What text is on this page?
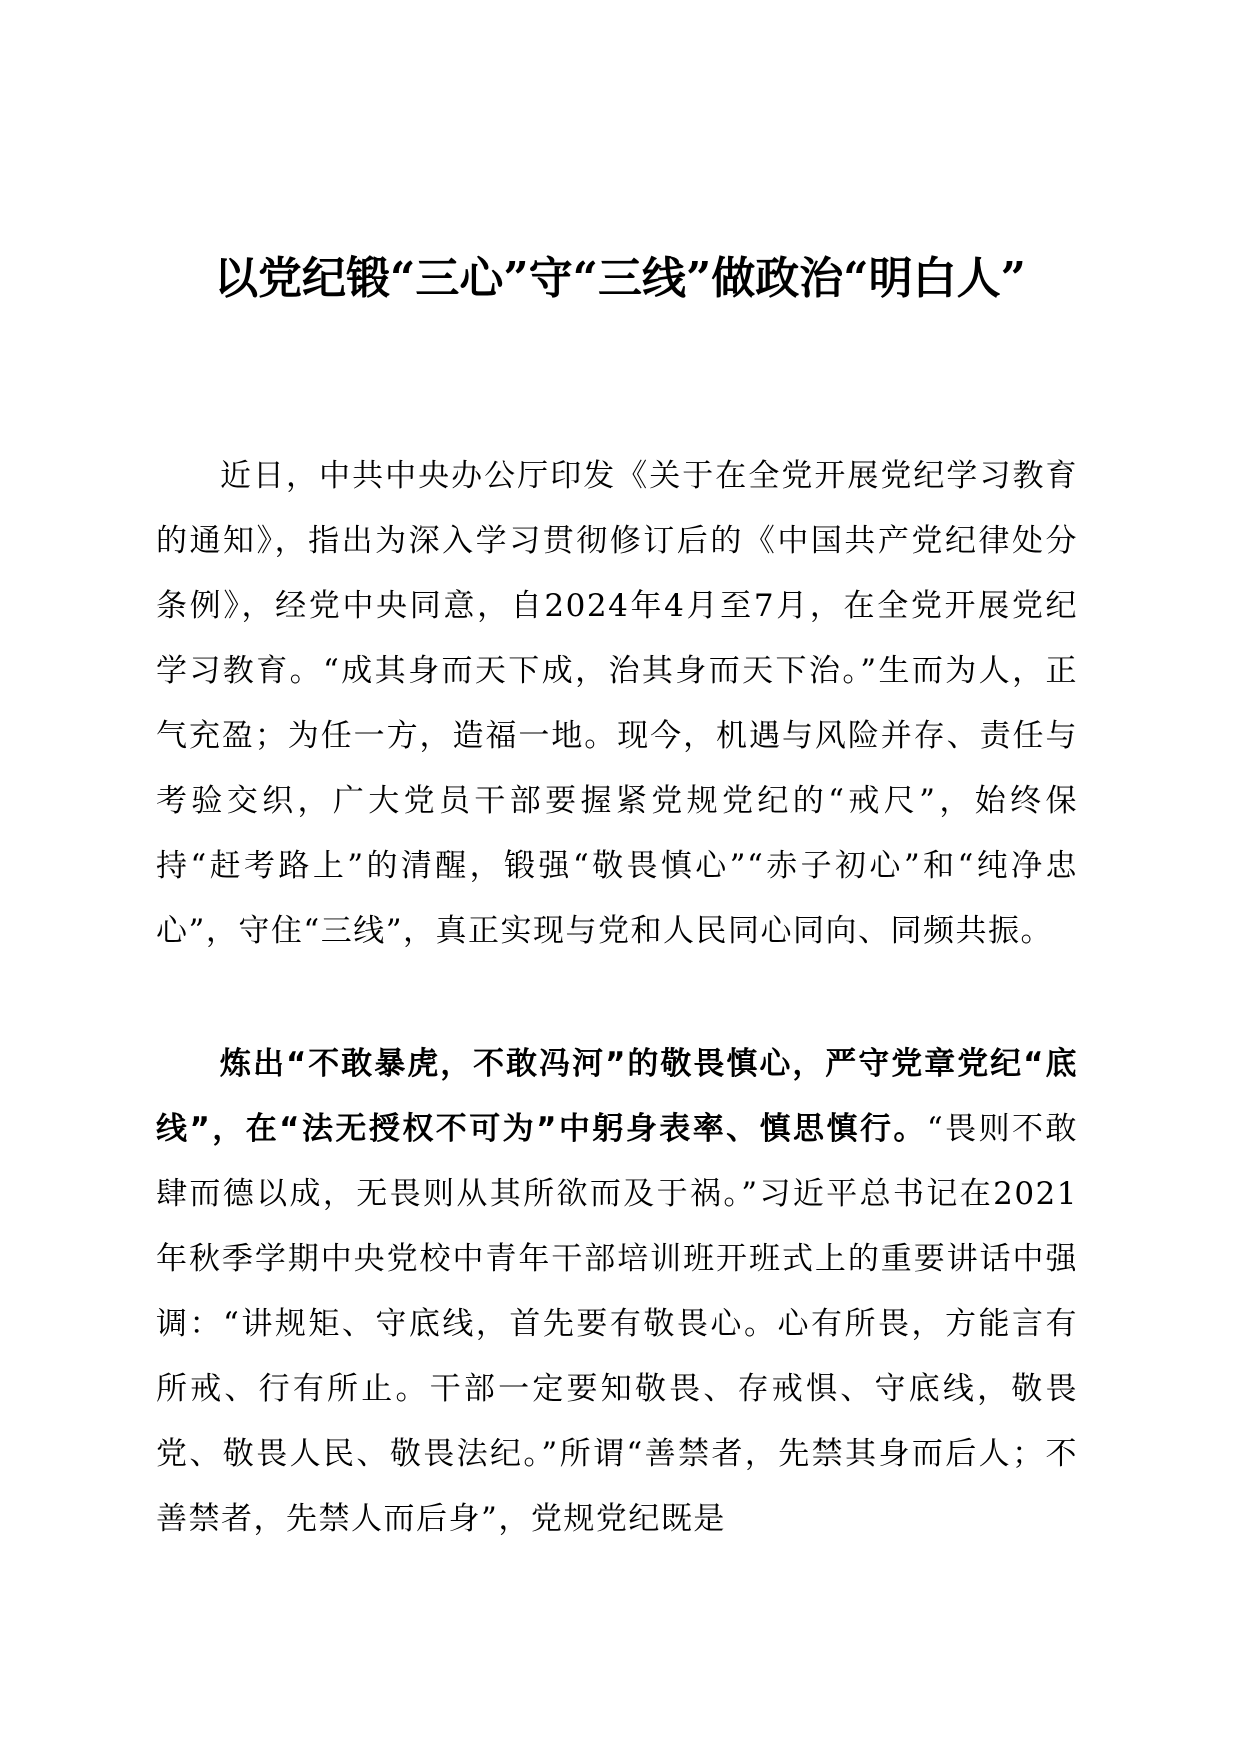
以党纪锻“三心”守“三线”做政治“明白人”

近日，中共中央办公厅印发《关于在全党开展党纪学习教育的通知》，指出为深入学习贯彻修订后的《中国共产党纪律处分条例》，经党中央同意，自2024年4月至7月，在全党开展党纪学习教育。“成其身而天下成，治其身而天下治。”生而为人，正气充盈；为任一方，造福一地。现今，机遇与风险并存、责任与考验交织，广大党员干部要握紧党规党纪的“戒尺”，始终保持“赶考路上”的清醒，锻强“敬畏慎心”“赤子初心”和“纯净忠心”，守住“三线”，真正实现与党和人民同心同向、同频共振。

炼出“不敢暴虎，不敢冯河”的敬畏慎心，严守党章党纪“底线”，在“法无授权不可为”中躬身表率、慎思慎行。“畏则不敢肆而德以成，无畏则从其所欲而及于祸。”习近平总书记在2021年秋季学期中央党校中青年干部培训班开班式上的重要讲话中强调：“讲规矩、守底线，首先要有敬畏心。心有所畏，方能言有所戒、行有所止。干部一定要知敬畏、存戒惧、守底线，敬畏党、敬畏人民、敬畏法纪。”所谓“善禁者，先禁其身而后人；不善禁者，先禁人而后身”，党规党纪既是
